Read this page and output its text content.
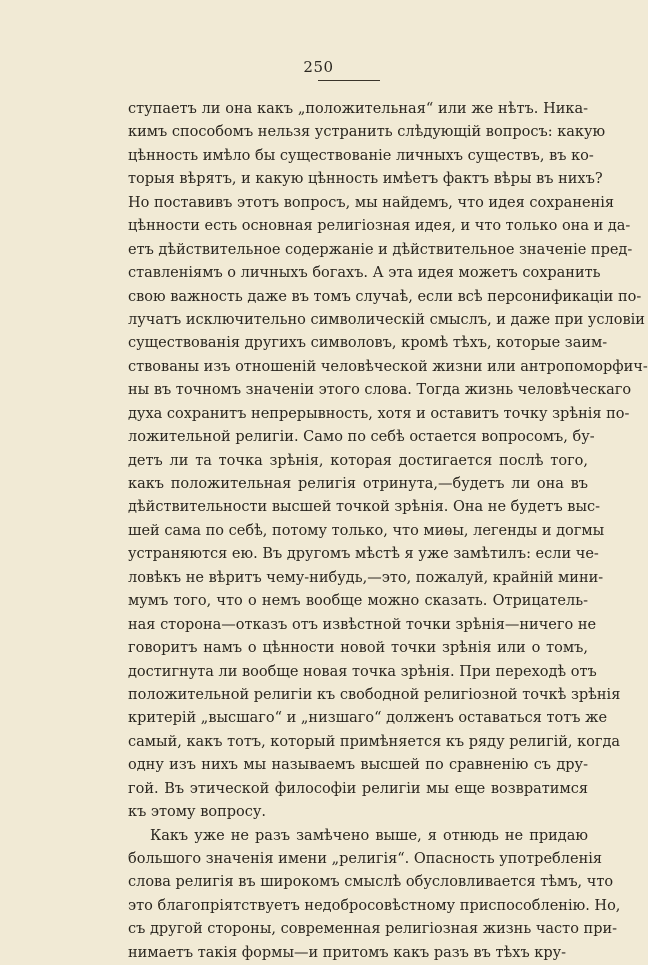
250
ступаетъ ли она какъ „положительная“ или же нѣтъ. Ника-
кимъ способомъ нельзя устранить слѣдующій вопросъ: какую
цѣнность имѣло бы существованіе личныхъ существъ, въ ко-
торыя вѣрятъ, и какую цѣнность имѣетъ фактъ вѣры въ нихъ?
Но поставивъ этотъ вопросъ, мы найдемъ, что идея сохраненія
цѣнности есть основная религіозная идея, и что только она и да-
етъ дѣйствительное содержаніе и дѣйствительное значеніе пред-
ставленіямъ о личныхъ богахъ. А эта идея можетъ сохранить
свою важность даже въ томъ случаѣ, если всѣ персонификаціи по-
лучатъ исключительно символическій смыслъ, и даже при условіи
существованія другихъ символовъ, кромѣ тѣхъ, которые заим-
ствованы изъ отношеній человѣческой жизни или антропоморфич-
ны въ точномъ значеніи этого слова. Тогда жизнь человѣческаго
духа сохранитъ непрерывность, хотя и оставитъ точку зрѣнія по-
ложительной религіи. Само по себѣ остается вопросомъ, бу-
детъ ли та точка зрѣнія, которая достигается послѣ того,
какъ положительная религія отринута,—будетъ ли она въ
дѣйствительности высшей точкой зрѣнія. Она не будетъ выс-
шей сама по себѣ, потому только, что миѳы, легенды и догмы
устраняются ею. Въ другомъ мѣстѣ я уже замѣтилъ: если че-
ловѣкъ не вѣритъ чему-нибудь,—это, пожалуй, крайній мини-
мумъ того, что о немъ вообще можно сказать. Отрицатель-
ная сторона—отказъ отъ извѣстной точки зрѣнія—ничего не
говоритъ намъ о цѣнности новой точки зрѣнія или о томъ,
достигнута ли вообще новая точка зрѣнія. При переходѣ отъ
положительной религіи къ свободной религіозной точкѣ зрѣнія
критерій „высшаго“ и „низшаго“ долженъ оставаться тотъ же
самый, какъ тотъ, который примѣняется къ ряду религій, когда
одну изъ нихъ мы называемъ высшей по сравненію съ дру-
гой. Въ этической философіи религіи мы еще возвратимся
къ этому вопросу.
Какъ уже не разъ замѣчено выше, я отнюдь не придаю
большого значенія имени „религія“. Опасность употребленія
слова религія въ широкомъ смыслѣ обусловливается тѣмъ, что
это благопріятствуетъ недобросовѣстному приспособленію. Но,
съ другой стороны, современная религіозная жизнь часто при-
нимаетъ такія формы—и притомъ какъ разъ въ тѣхъ кру-
